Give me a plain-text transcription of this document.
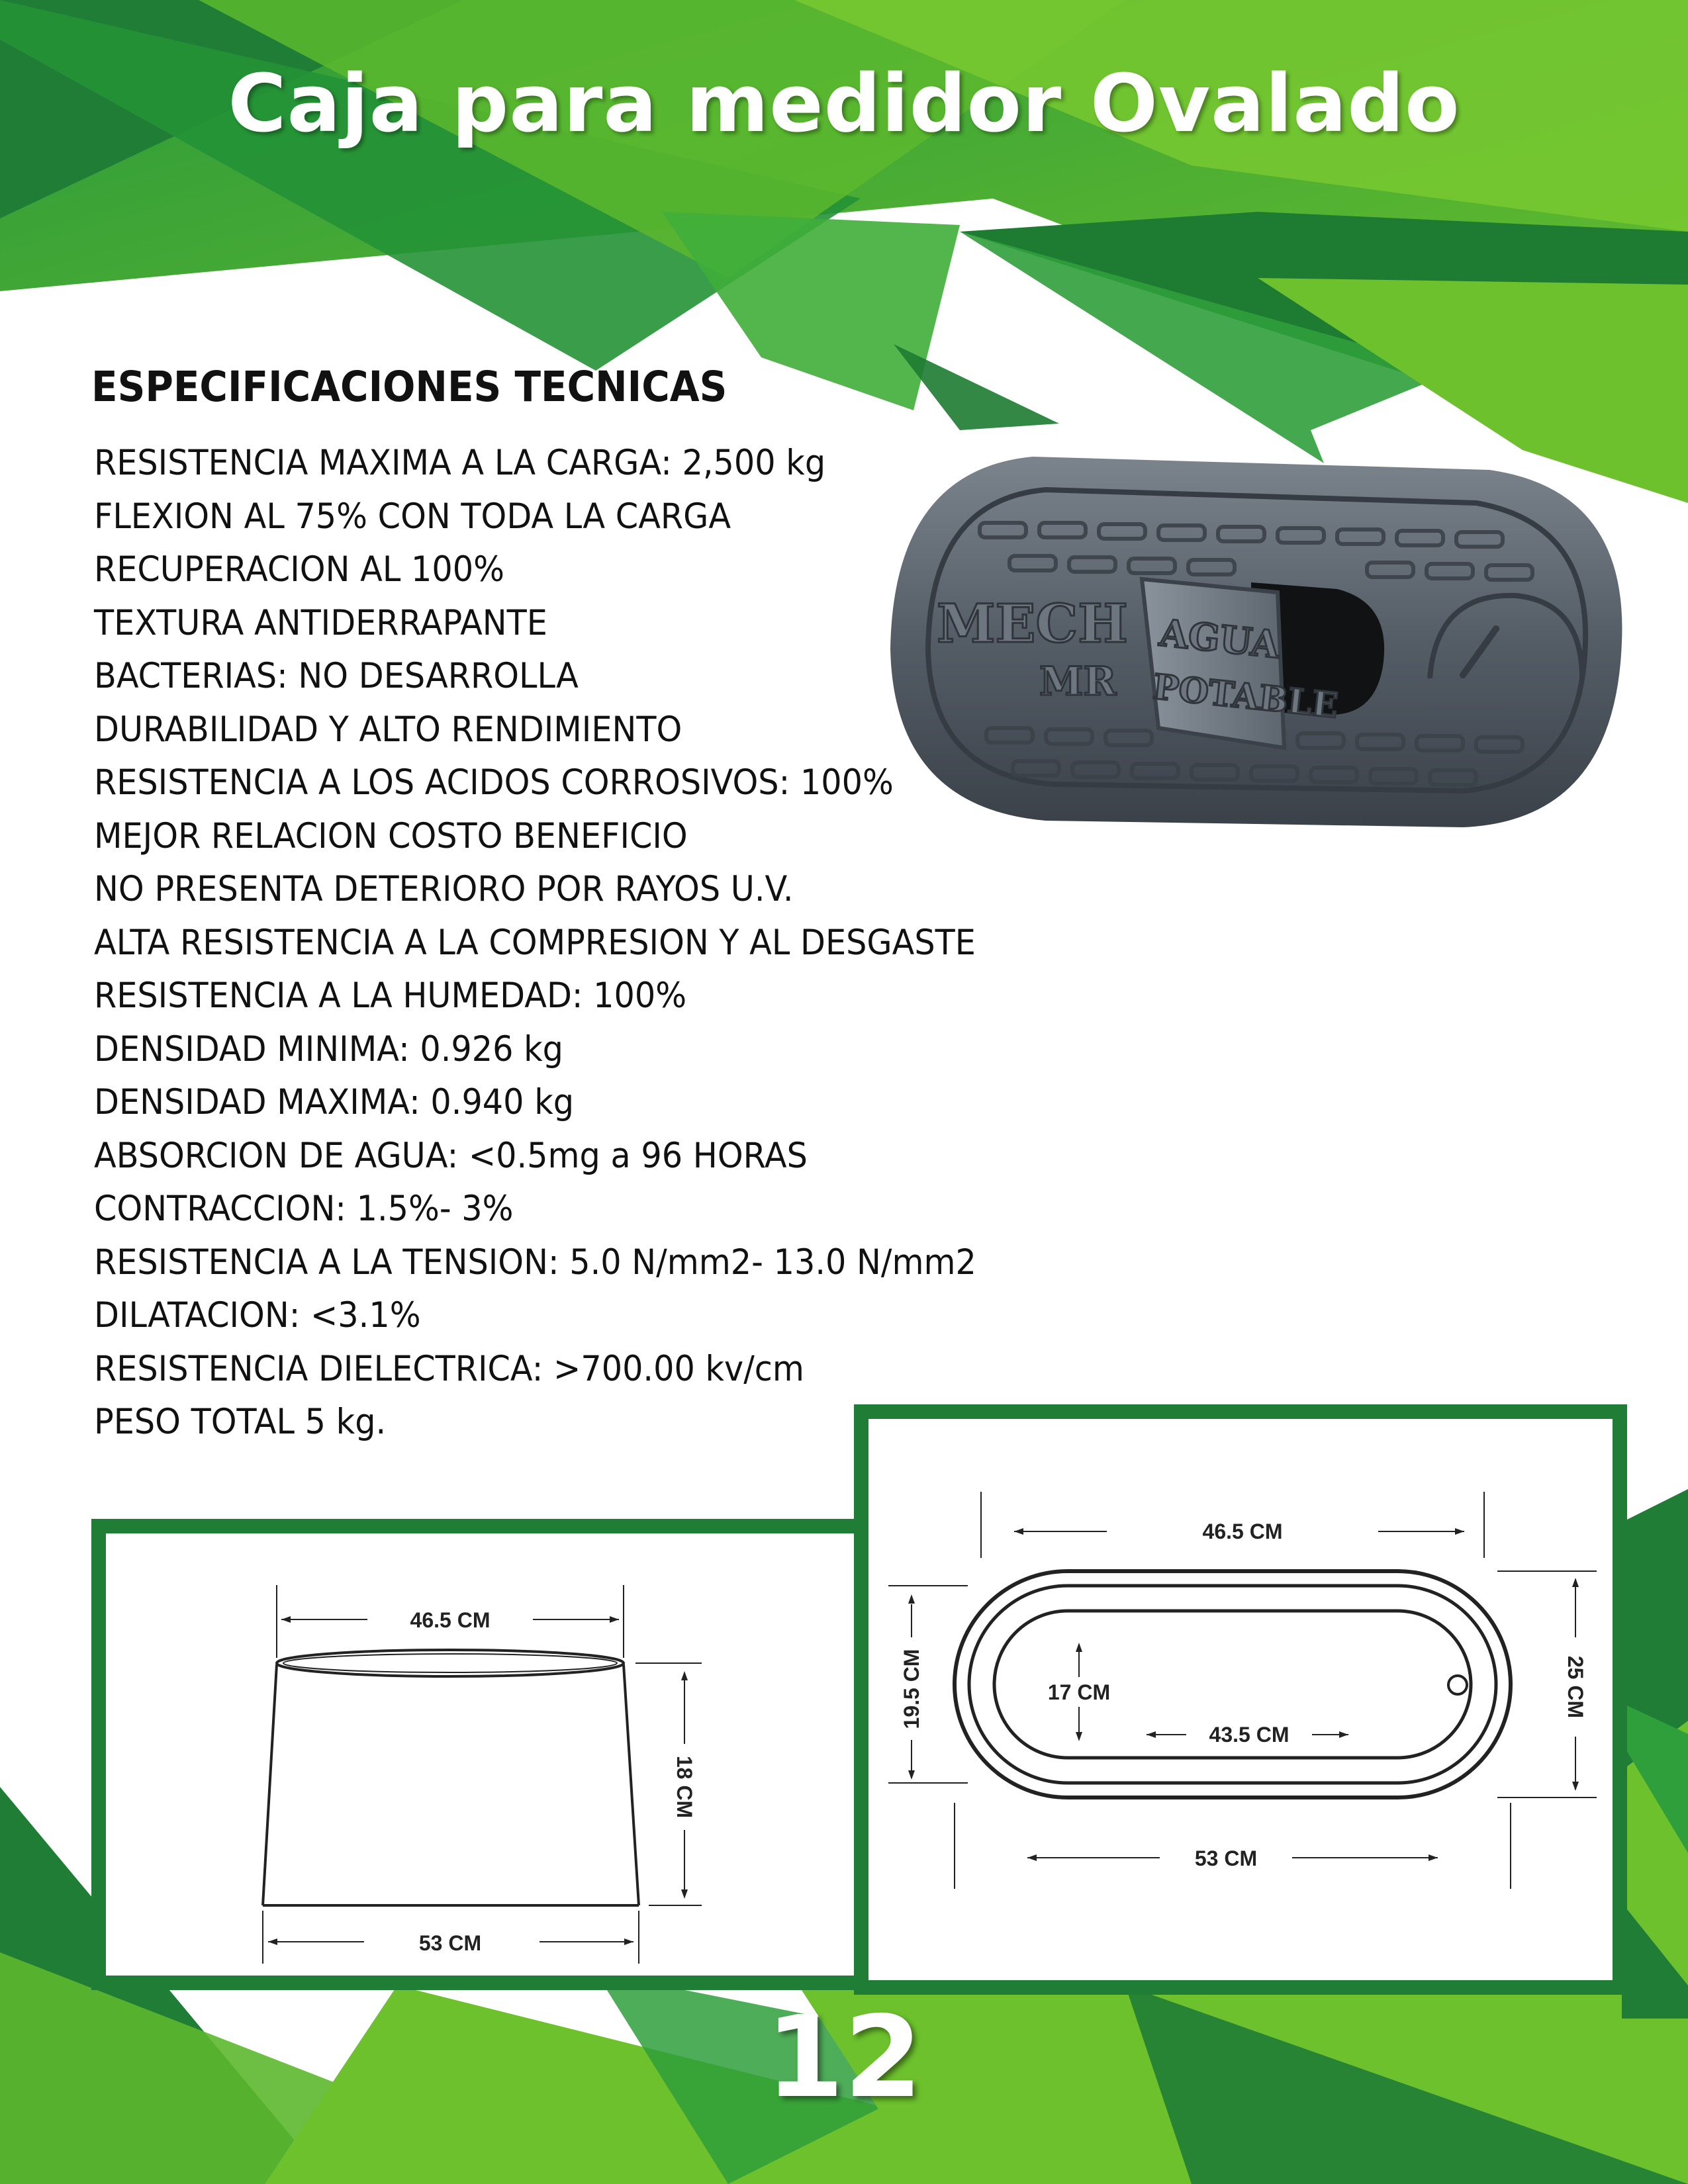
Caja para medidor Ovalado
ESPECIFICACIONES TECNICAS
RESISTENCIA MAXIMA A LA CARGA: 2,500 kg
FLEXION AL 75% CON TODA LA CARGA
RECUPERACION AL 100%
TEXTURA ANTIDERRAPANTE
BACTERIAS: NO DESARROLLA
DURABILIDAD Y ALTO RENDIMIENTO
RESISTENCIA A LOS ACIDOS CORROSIVOS: 100%
MEJOR RELACION COSTO BENEFICIO
NO PRESENTA DETERIORO POR RAYOS U.V.
ALTA RESISTENCIA A LA COMPRESION Y AL DESGASTE
RESISTENCIA A LA HUMEDAD: 100%
DENSIDAD MINIMA: 0.926 kg
DENSIDAD MAXIMA: 0.940 kg
ABSORCION DE AGUA: <0.5mg a 96 HORAS
CONTRACCION: 1.5%- 3%
RESISTENCIA A LA TENSION: 5.0 N/mm2- 13.0 N/mm2
DILATACION: <3.1%
RESISTENCIA DIELECTRICA: >700.00 kv/cm
PESO TOTAL 5 kg.
MECH
MR
AGUA
POTABLE
46.5 CM
53 CM
18 CM
46.5 CM
19.5 CM	17 CM
43.5 CM
25 CM
53 CM
12
